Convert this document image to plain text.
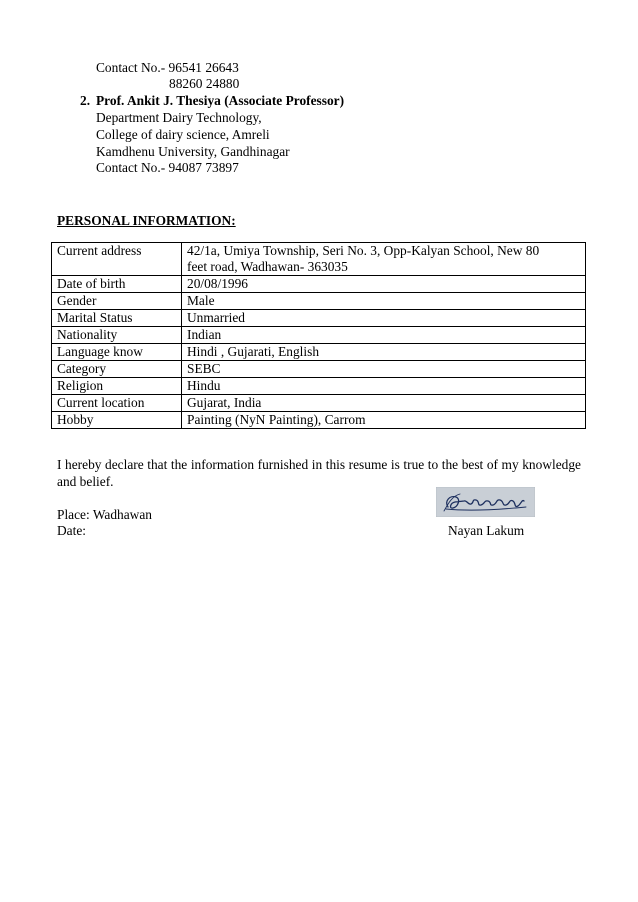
Contact No.- 96541 26643
88260 24880
2. Prof. Ankit J. Thesiya (Associate Professor)
Department Dairy Technology,
College of dairy science, Amreli
Kamdhenu University, Gandhinagar
Contact No.- 94087 73897
PERSONAL INFORMATION:
Current address	42/1a, Umiya Township, Seri No. 3, Opp-Kalyan School, New 80
feet road, Wadhawan- 363035
Date of birth	20/08/1996
Gender	Male
Marital Status	Unmarried
Nationality	Indian
Language know	Hindi , Gujarati, English
Category	SEBC
Religion	Hindu
Current location	Gujarat, India
Hobby	Painting (NyN Painting), Carrom
I hereby declare that the information furnished in this resume is true to the best of my knowledge and belief.
Place: Wadhawan
Date:	Nayan Lakum
